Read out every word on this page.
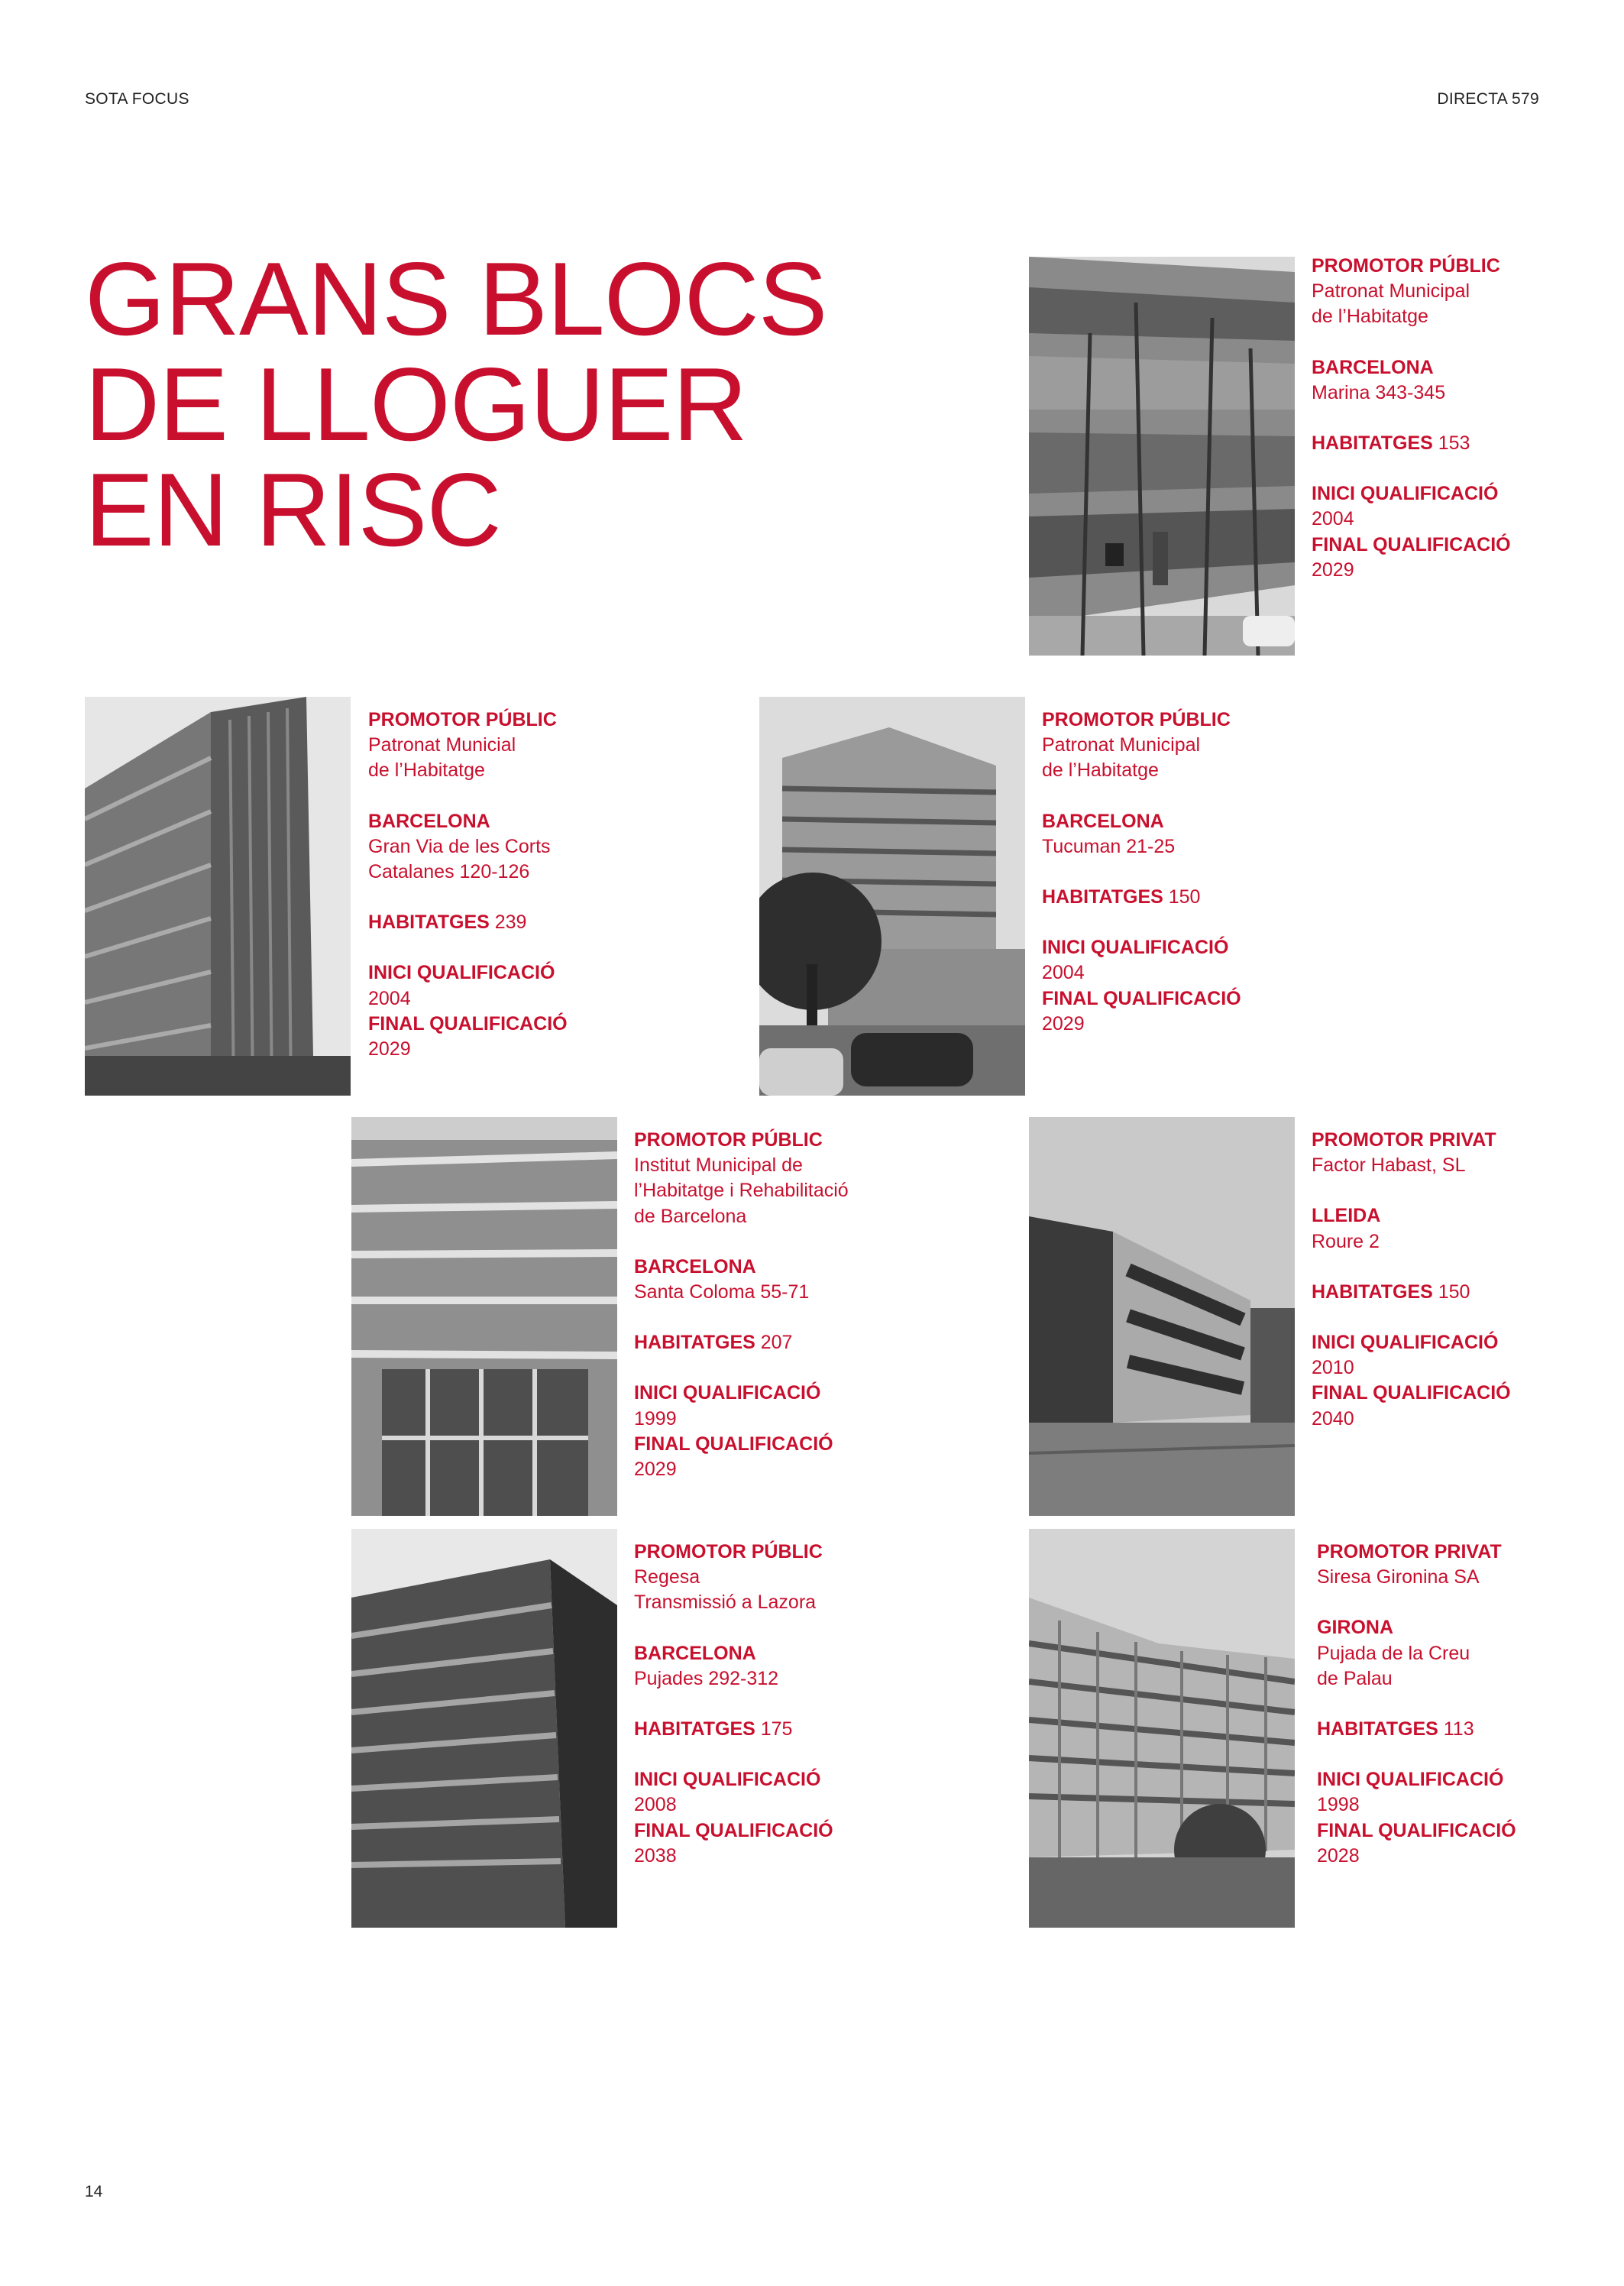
SOTA FOCUS	DIRECTA 579
GRANS BLOCS
DE LLOGUER
EN RISC
PROMOTOR PÚBLIC
Patronat Municipal
de l’Habitatge
BARCELONA
Marina 343-345
HABITATGES 153
INICI QUALIFICACIÓ
2004
FINAL QUALIFICACIÓ
2029
PROMOTOR PÚBLIC
Patronat Municial
de l’Habitatge
BARCELONA
Gran Via de les Corts
Catalanes 120-126
HABITATGES 239
INICI QUALIFICACIÓ
2004
FINAL QUALIFICACIÓ
2029
PROMOTOR PÚBLIC
Patronat Municipal
de l’Habitatge
BARCELONA
Tucuman 21-25
HABITATGES 150
INICI QUALIFICACIÓ
2004
FINAL QUALIFICACIÓ
2029
PROMOTOR PÚBLIC
Institut Municipal de
l’Habitatge i Rehabilitació
de Barcelona
BARCELONA
Santa Coloma 55-71
HABITATGES 207
INICI QUALIFICACIÓ
1999
FINAL QUALIFICACIÓ
2029
PROMOTOR PRIVAT
Factor Habast, SL
LLEIDA
Roure 2
HABITATGES 150
INICI QUALIFICACIÓ
2010
FINAL QUALIFICACIÓ
2040
PROMOTOR PÚBLIC
Regesa
Transmissió a Lazora
BARCELONA
Pujades 292-312
HABITATGES 175
INICI QUALIFICACIÓ
2008
FINAL QUALIFICACIÓ
2038
PROMOTOR PRIVAT
Siresa Gironina SA
GIRONA
Pujada de la Creu
de Palau
HABITATGES 113
INICI QUALIFICACIÓ
1998
FINAL QUALIFICACIÓ
2028
14
